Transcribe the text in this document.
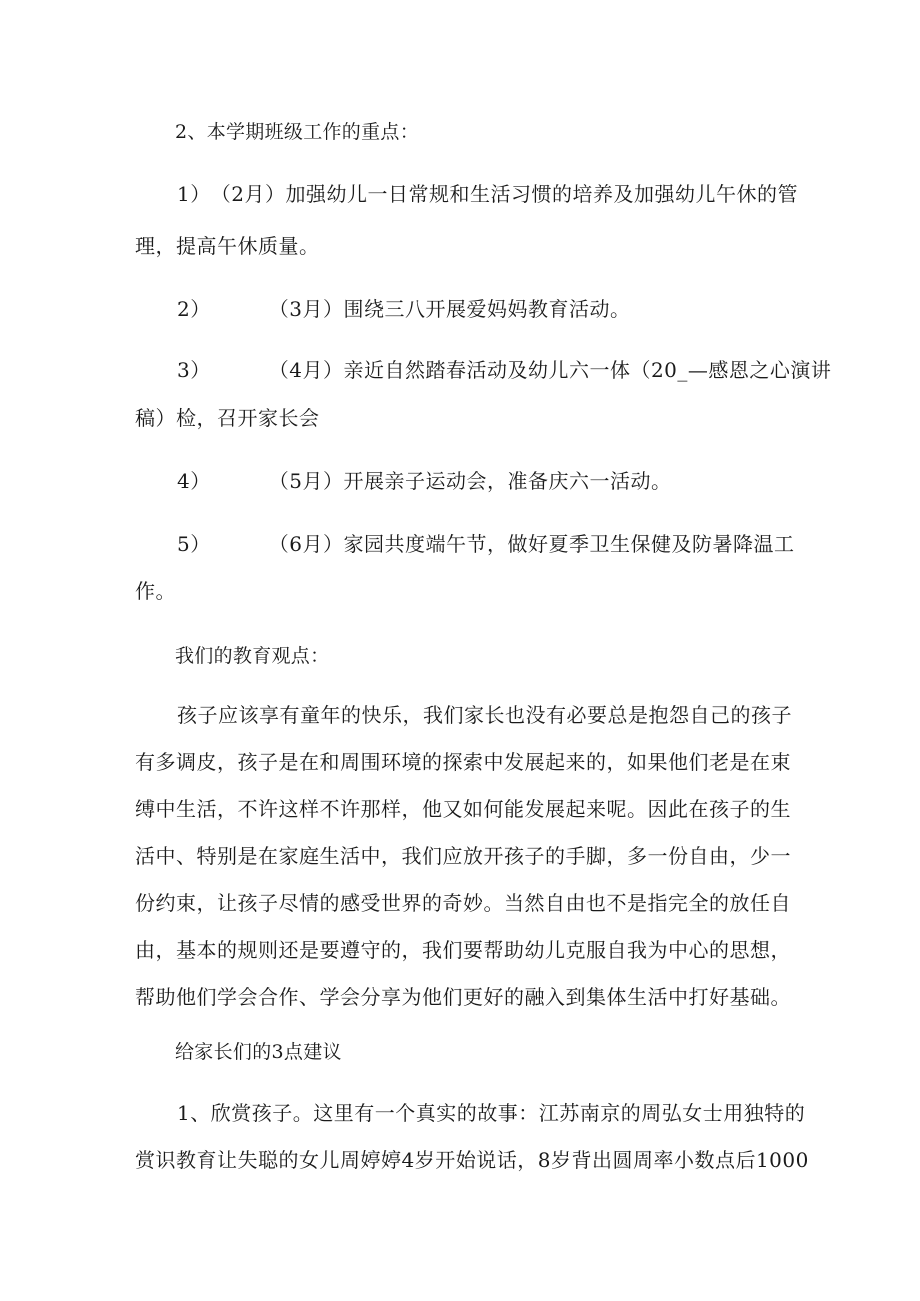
2、本学期班级工作的重点：
1）（2月）加强幼儿一日常规和生活习惯的培养及加强幼儿午休的管
理，提高午休质量。
2）	（3月）围绕三八开展爱妈妈教育活动。
3）	（4月）亲近自然踏春活动及幼儿六一体（20_—感恩之心演讲
稿）检，召开家长会
4）	（5月）开展亲子运动会，准备庆六一活动。
5）	（6月）家园共度端午节，做好夏季卫生保健及防暑降温工
作。
我们的教育观点：
孩子应该享有童年的快乐，我们家长也没有必要总是抱怨自己的孩子
有多调皮，孩子是在和周围环境的探索中发展起来的，如果他们老是在束
缚中生活，不许这样不许那样，他又如何能发展起来呢。因此在孩子的生
活中、特别是在家庭生活中，我们应放开孩子的手脚，多一份自由，少一
份约束，让孩子尽情的感受世界的奇妙。当然自由也不是指完全的放任自
由，基本的规则还是要遵守的，我们要帮助幼儿克服自我为中心的思想，
帮助他们学会合作、学会分享为他们更好的融入到集体生活中打好基础。
给家长们的3点建议
1、欣赏孩子。这里有一个真实的故事：江苏南京的周弘女士用独特的
赏识教育让失聪的女儿周婷婷4岁开始说话，8岁背出圆周率小数点后1000
